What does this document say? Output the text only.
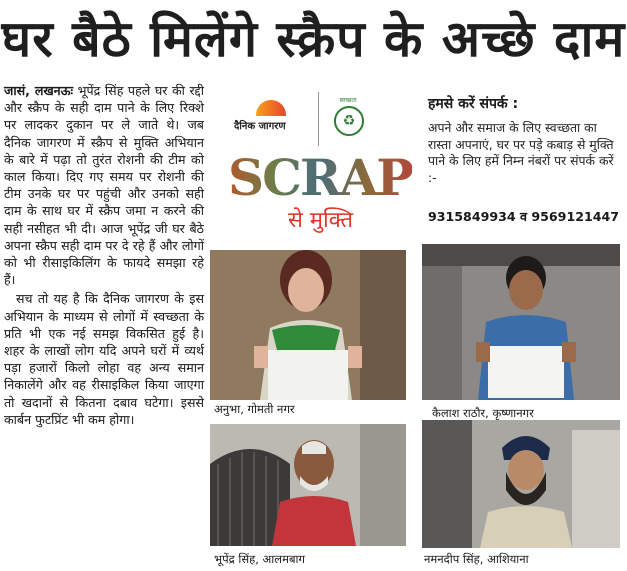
घर बैठे मिलेंगे स्क्रैप के अच्छे दाम

जासं, लखनऊः भूपेंद्र सिंह पहले घर की रद्दी और स्क्रैप के सही दाम पाने के लिए रिक्शे पर लादकर दुकान पर ले जाते थे। जब दैनिक जागरण में स्क्रैप से मुक्ति अभियान के बारे में पढ़ा तो तुरंत रोशनी की टीम को काल किया। दिए गए समय पर रोशनी की टीम उनके घर पर पहुंची और उनको सही दाम के साथ घर में स्क्रैप जमा न करने की सही नसीहत भी दी। आज भूपेंद्र जी घर बैठे अपना स्क्रैप सही दाम पर दे रहे हैं और लोगों को भी रीसाइकिलिंग के फायदे समझा रहे हैं।

सच तो यह है कि दैनिक जागरण के इस अभियान के माध्यम से लोगों में स्वच्छता के प्रति भी एक नई समझ विकसित हुई है। शहर के लाखों लोग यदि अपने घरों में व्यर्थ पड़ा हजारों किलो लोहा वह अन्य समान निकालेंगे और वह रीसाइकिल किया जाएगा तो खदानों से कितना दबाव घटेगा। इससे कार्बन फुटप्रिंट भी कम होगा।

दैनिक जागरण
स्वच्छता
♻
SCRAP
से मुक्ति
हमसे करें संपर्क :
अपने और समाज के लिए स्वच्छता का रास्ता अपनाएं, घर पर पड़े कबाड़ से मुक्ति पाने के लिए हमें निम्न नंबरों पर संपर्क करें :-
9315849934 व 9569121447
अनुभा, गोमती नगर	कैलाश राठौर, कृष्णानगर
भूपेंद्र सिंह, आलमबाग	नमनदीप सिंह, आशियाना
